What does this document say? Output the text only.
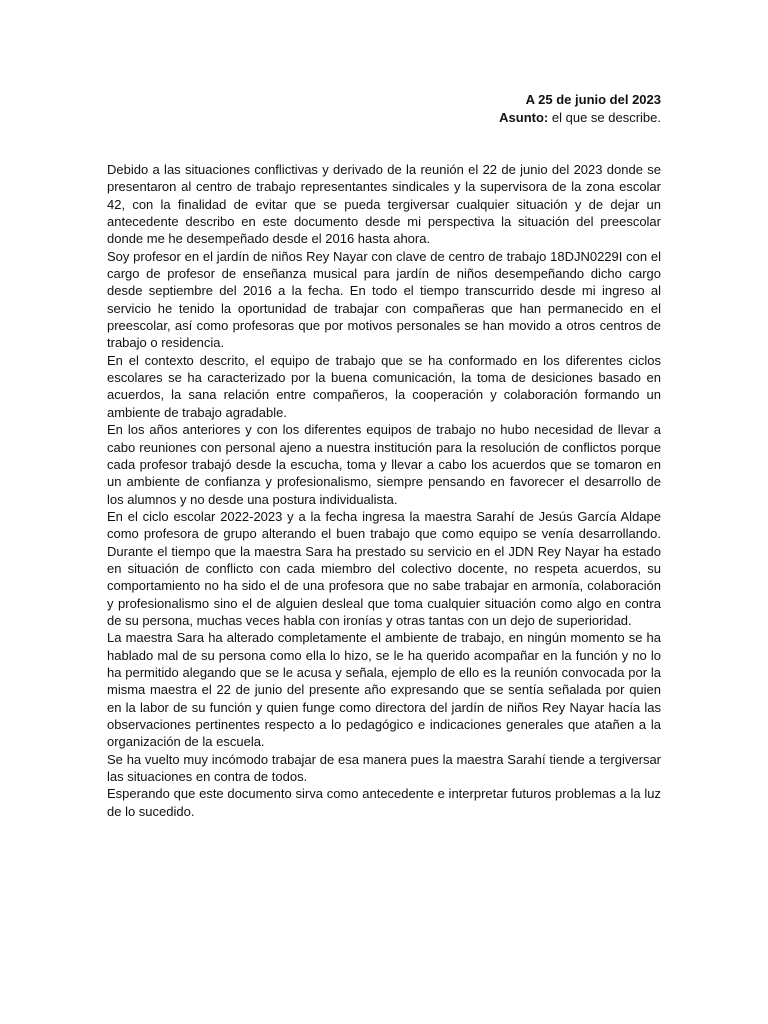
A 25 de junio del 2023
Asunto: el que se describe.

Debido a las situaciones conflictivas y derivado de la reunión el 22 de junio del 2023 donde se presentaron al centro de trabajo representantes sindicales y la supervisora de la zona escolar 42, con la finalidad de evitar que se pueda tergiversar cualquier situación y de dejar un antecedente describo en este documento desde mi perspectiva la situación del preescolar donde me he desempeñado desde el 2016 hasta ahora.

Soy profesor en el jardín de niños Rey Nayar con clave de centro de trabajo 18DJN0229I con el cargo de profesor de enseñanza musical para jardín de niños desempeñando dicho cargo desde septiembre del 2016 a la fecha. En todo el tiempo transcurrido desde mi ingreso al servicio he tenido la oportunidad de trabajar con compañeras que han permanecido en el preescolar, así como profesoras que por motivos personales se han movido a otros centros de trabajo o residencia.

En el contexto descrito, el equipo de trabajo que se ha conformado en los diferentes ciclos escolares se ha caracterizado por la buena comunicación, la toma de desiciones basado en acuerdos, la sana relación entre compañeros, la cooperación y colaboración formando un ambiente de trabajo agradable.

En los años anteriores y con los diferentes equipos de trabajo no hubo necesidad de llevar a cabo reuniones con personal ajeno a nuestra institución para la resolución de conflictos porque cada profesor trabajó desde la escucha, toma y llevar a cabo los acuerdos que se tomaron en un ambiente de confianza y profesionalismo, siempre pensando en favorecer el desarrollo de los alumnos y no desde una postura individualista.

En el ciclo escolar 2022-2023 y a la fecha ingresa la maestra Sarahí de Jesús García Aldape como profesora de grupo alterando el buen trabajo que como equipo se venía desarrollando. Durante el tiempo que la maestra Sara ha prestado su servicio en el JDN Rey Nayar ha estado en situación de conflicto con cada miembro del colectivo docente, no respeta acuerdos, su comportamiento no ha sido el de una profesora que no sabe trabajar en armonía, colaboración y profesionalismo sino el de alguien desleal que toma cualquier situación como algo en contra de su persona, muchas veces habla con ironías y otras tantas con un dejo de superioridad.

La maestra Sara ha alterado completamente el ambiente de trabajo, en ningún momento se ha hablado mal de su persona como ella lo hizo, se le ha querido acompañar en la función y no lo ha permitido alegando que se le acusa y señala, ejemplo de ello es la reunión convocada por la misma maestra el 22 de junio del presente año expresando que se sentía señalada por quien en la labor de su función y quien funge como directora del jardín de niños Rey Nayar hacía las observaciones pertinentes respecto a lo pedagógico e indicaciones generales que atañen a la organización de la escuela.

Se ha vuelto muy incómodo trabajar de esa manera pues la maestra Sarahí tiende a tergiversar las situaciones en contra de todos.

Esperando que este documento sirva como antecedente e interpretar futuros problemas a la luz de lo sucedido.
